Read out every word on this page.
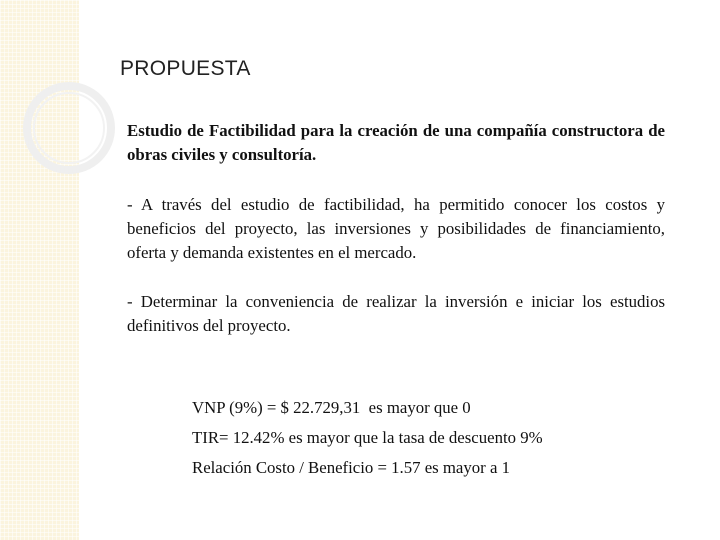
PROPUESTA

Estudio de Factibilidad para la creación de una compañía constructora de obras civiles y consultoría.

- A través del estudio de factibilidad, ha permitido conocer los costos y beneficios del proyecto, las inversiones y posibilidades de financiamiento, oferta y demanda existentes en el mercado.

- Determinar la conveniencia de realizar la inversión e iniciar los estudios definitivos del proyecto.

VNP (9%) = $ 22.729,31  es mayor que 0
TIR= 12.42% es mayor que la tasa de descuento 9%
Relación Costo / Beneficio = 1.57 es mayor a 1
